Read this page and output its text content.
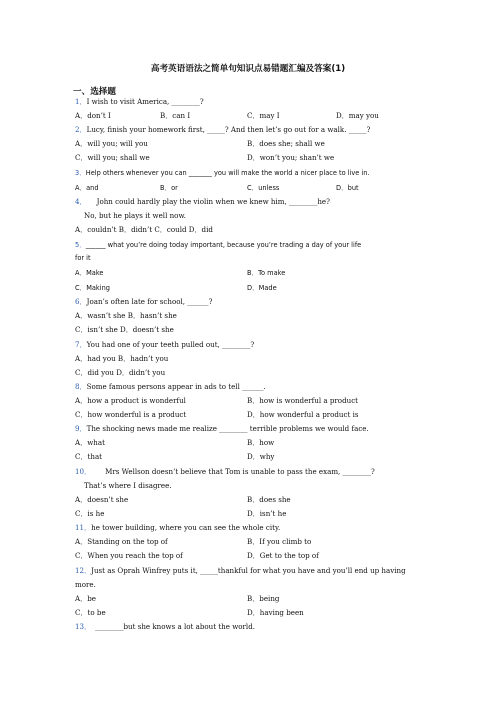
高考英语语法之简单句知识点易错题汇编及答案(1)
一、选择题
1．I wish to visit America, ________?
A．don’t I	B．can I	C．may I	D．may you
2．Lucy, finish your homework first, _____? And then let’s go out for a walk. _____?
A．will you; will you	B．does she; shall we
C．will you; shall we	D．won’t you; shan’t we
3．Help others whenever you can _______ you will make the world a nicer place to live in.
A．and	B．or	C．unless	D．but
4． John could hardly play the violin when we knew him, ________he?
No, but he plays it well now.
A．couldn’t B．didn’t C．could D．did
5．______ what you’re doing today important, because you’re trading a day of your life
for it
A．Make	B．To make
C．Making	D．Made
6．Joan’s often late for school, ______?
A．wasn’t she B．hasn’t she
C．isn’t she D．doesn’t she
7．You had one of your teeth pulled out, ________?
A．had you B．hadn’t you
C．did you D．didn’t you
8．Some famous persons appear in ads to tell ______.
A．how a product is wonderful	B．how is wonderful a product
C．how wonderful is a product	D．how wonderful a product is
9．The shocking news made me realize ________ terrible problems we would face.
A．what	B．how
C．that	D．why
10． Mrs Wellson doesn’t believe that Tom is unable to pass the exam, ________?
That’s where I disagree.
A．doesn’t she	B．does she
C．is he	D．isn’t he
11．he tower building, where you can see the whole city.
A．Standing on the top of	B．If you climb to
C．When you reach the top of	D．Get to the top of
12．Just as Oprah Winfrey puts it, _____thankful for what you have and you’ll end up having
more.
A．be	B．being
C．to be	D．having been
13． ________but she knows a lot about the world.
